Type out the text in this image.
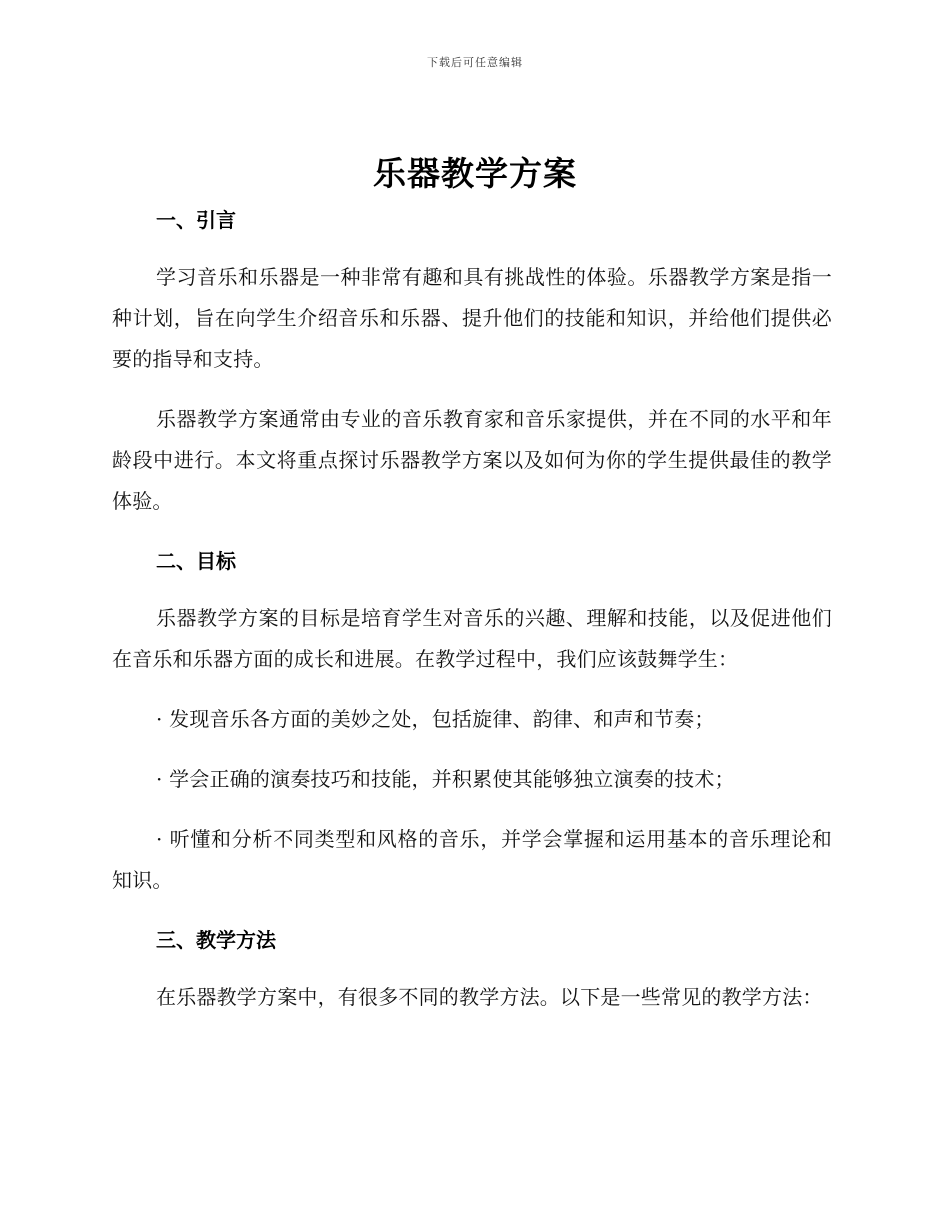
下载后可任意编辑
乐器教学方案
一、引言

学习音乐和乐器是一种非常有趣和具有挑战性的体验。乐器教学方案是指一种计划，旨在向学生介绍音乐和乐器、提升他们的技能和知识，并给他们提供必要的指导和支持。

乐器教学方案通常由专业的音乐教育家和音乐家提供，并在不同的水平和年龄段中进行。本文将重点探讨乐器教学方案以及如何为你的学生提供最佳的教学体验。

二、目标

乐器教学方案的目标是培育学生对音乐的兴趣、理解和技能，以及促进他们在音乐和乐器方面的成长和进展。在教学过程中，我们应该鼓舞学生：

· 发现音乐各方面的美妙之处，包括旋律、韵律、和声和节奏；

· 学会正确的演奏技巧和技能，并积累使其能够独立演奏的技术；

· 听懂和分析不同类型和风格的音乐，并学会掌握和运用基本的音乐理论和知识。

三、教学方法

在乐器教学方案中，有很多不同的教学方法。以下是一些常见的教学方法：
